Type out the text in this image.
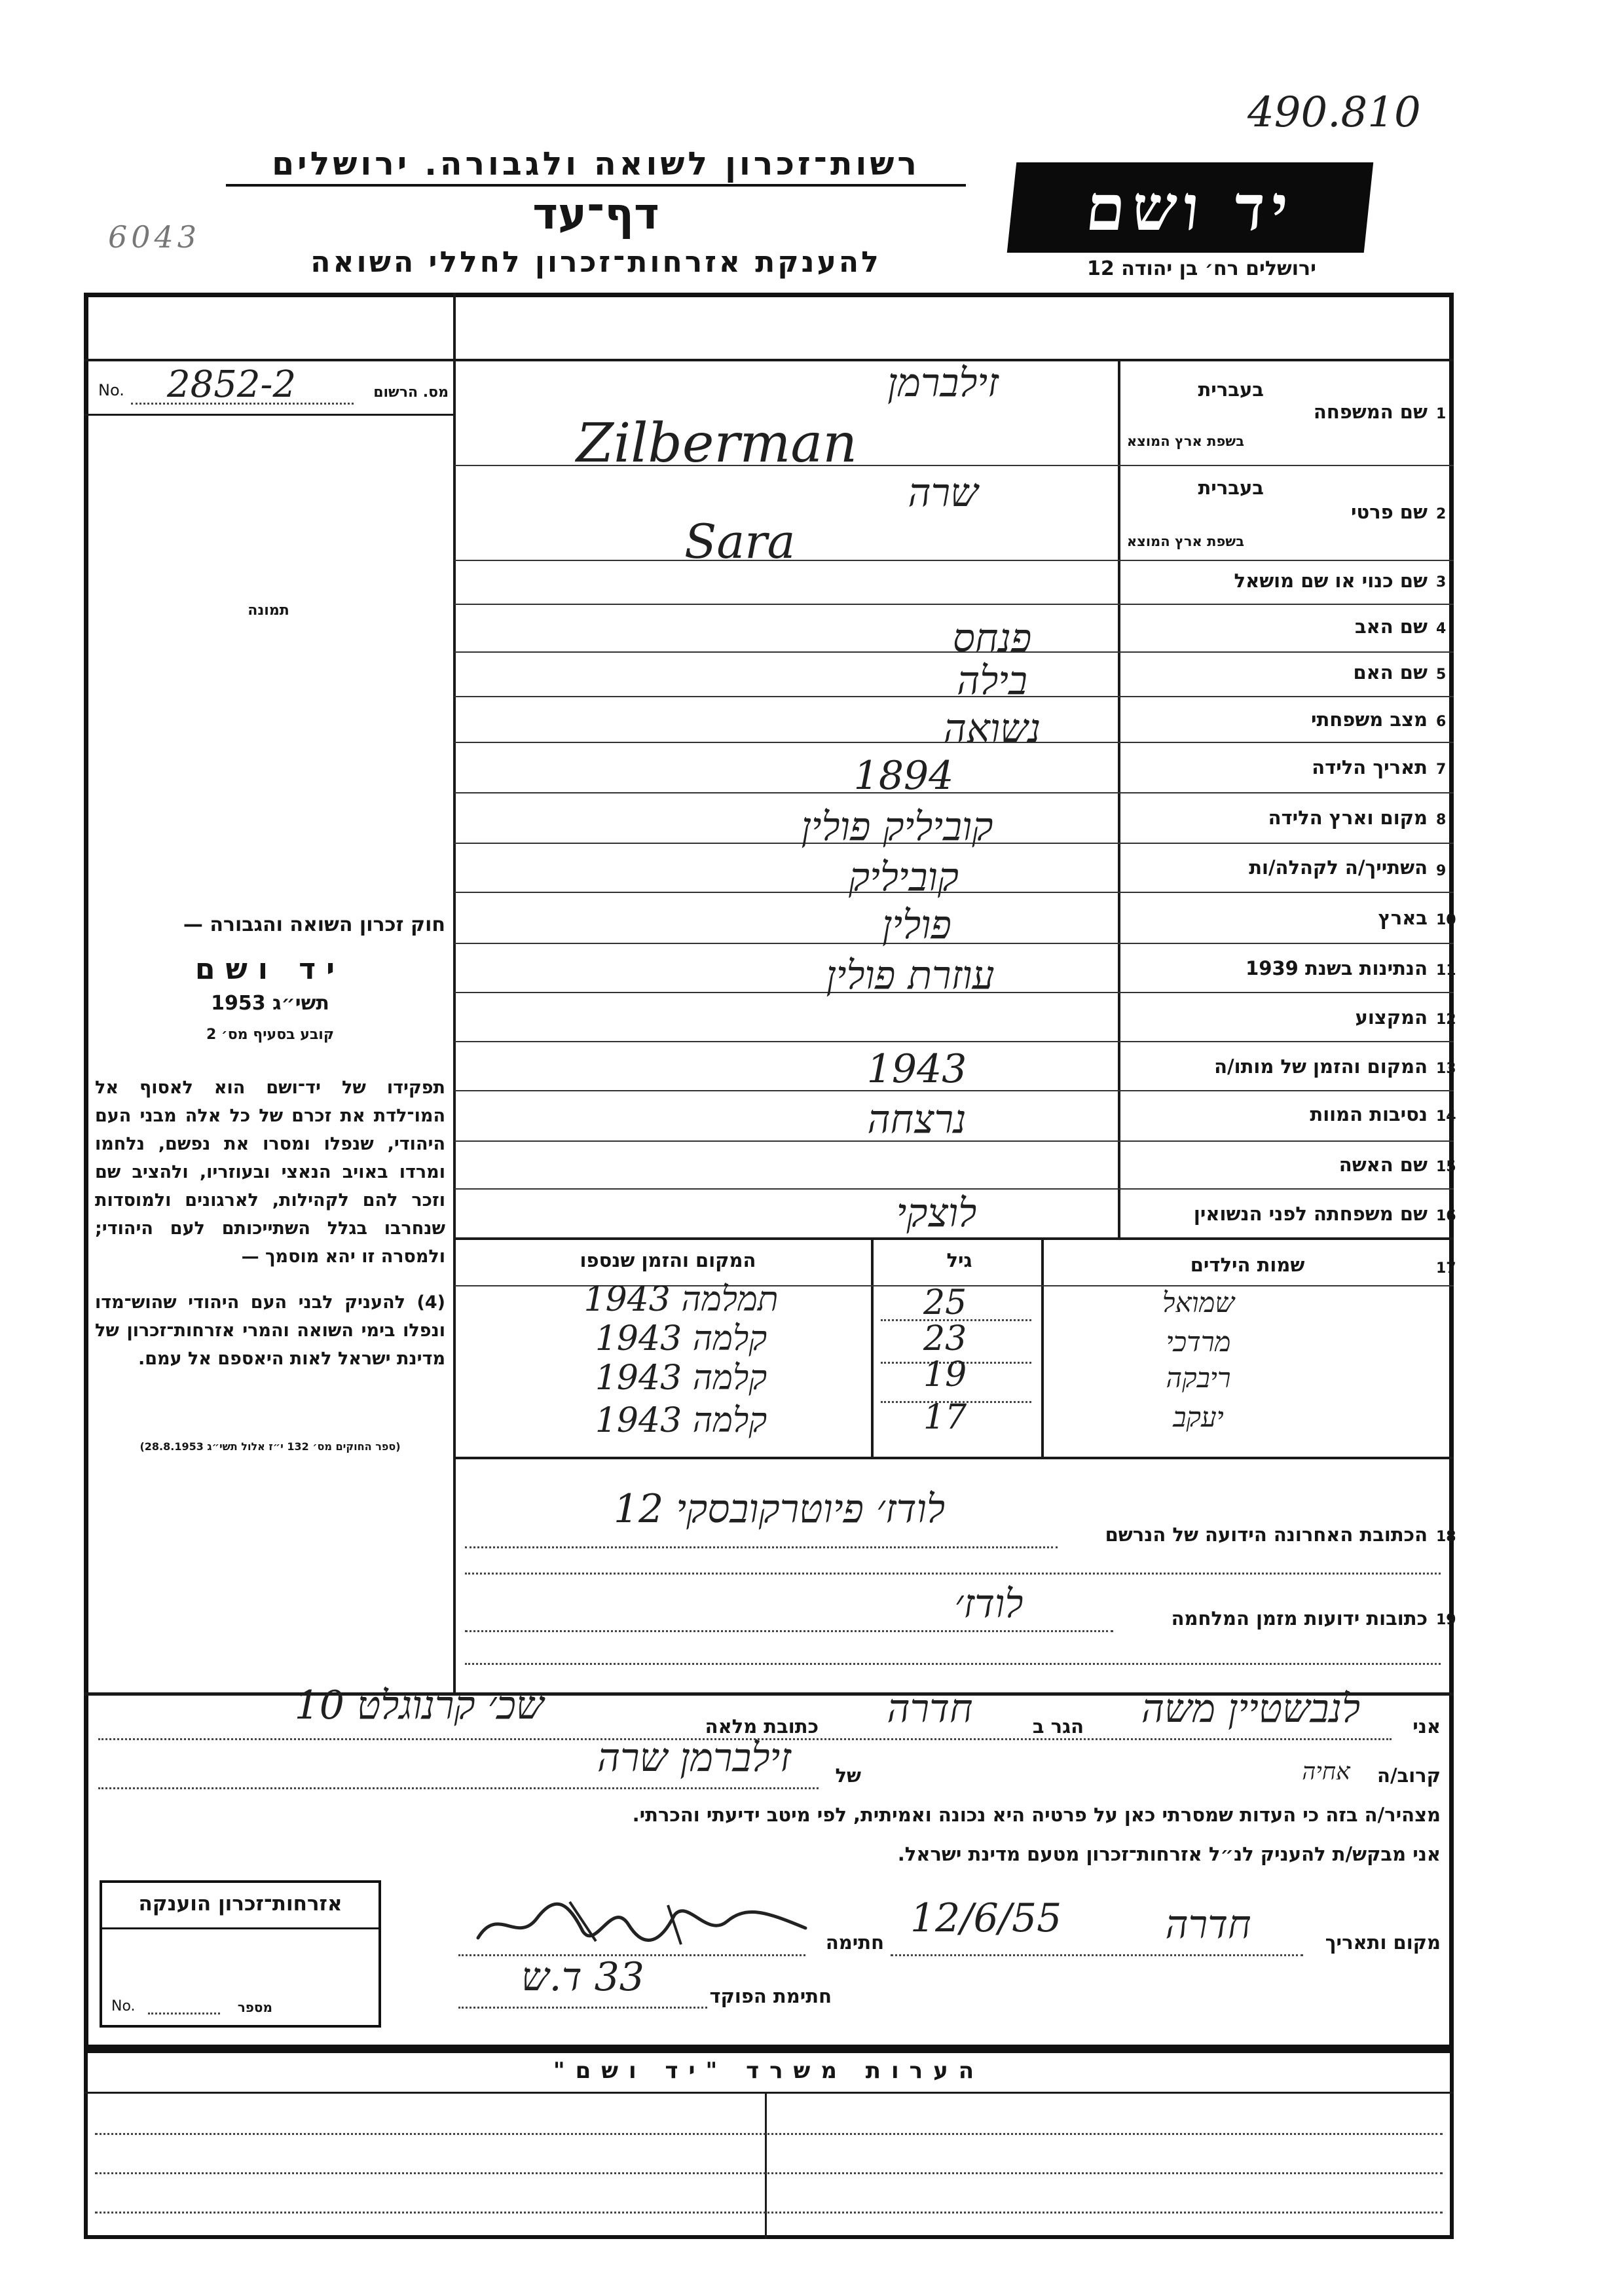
490.810
6043
רשות־זכרון לשואה ולגבורה. ירושלים
דף־עד
להענקת אזרחות־זכרון לחללי השואה
יד ושם
ירושלים רח׳ בן יהודה 12
No. 2852-2	מס. הרשום
תמונה
1
שם המשפחה
בעברית
בשפת ארץ המוצא
זילברמן
Zilberman
2
שם פרטי
בעברית
בשפת ארץ המוצא
שרה
Sara
3
שם כנוי או שם מושאל
4
שם האב
פנחס
5
שם האם
בילה
6
מצב משפחתי
נשואה
7
תאריך הלידה
1894
8
מקום וארץ הלידה
קוביליק פולין
9
השתייך/ה לקהלה/ות
קוביליק
10
בארץ
פולין
11
הנתינות בשנת 1939
עוזרת פולין
12
המקצוע
13
המקום והזמן של מותו/ה
1943
14
נסיבות המוות
נרצחה
15
שם האשה
16
שם משפחתה לפני הנשואין
לוצקי
חוק זכרון השואה והגבורה —
יד ושם
תשי״ג 1953
קובע בסעיף מס׳ 2
תפקידו של יד־ושם הוא לאסוף אל המו־לדת את זכרם של כל אלה מבני העם היהודי, שנפלו ומסרו את נפשם, נלחמו ומרדו באויב הנאצי ובעוזריו, ולהציב שם וזכר להם לקהילות, לארגונים ולמוסדות שנחרבו בגלל השתייכותם לעם היהודי; ולמסרה זו יהא מוסמך —
(4) להעניק לבני העם היהודי שהוש־מדו ונפלו בימי השואה והמרי אזרחות־זכרון של מדינת ישראל לאות היאספם אל עמם.
(ספר החוקים מס׳ 132 י״ז אלול תשי״ג 28.8.1953)
17
שמות הילדים
גיל
המקום והזמן שנספו
שמואל
25
תמלמה 1943
מרדכי
23
קלמה 1943
ריבקה
19
קלמה 1943
יעקב
17
קלמה 1943
18
הכתובת האחרונה הידועה של הנרשם
לודז׳ פיוטרקובסקי 12
19
כתובות ידועות מזמן המלחמה
לודז׳
אני
לנבשטיין משה
הגר ב
חדרה
כתובת מלאה
שכ׳ קרנוגלט 10
קרוב/ה
אחיה
של
זילברמן שרה
מצהיר/ה בזה כי העדות שמסרתי כאן על פרטיה היא נכונה ואמיתית, לפי מיטב ידיעתי והכרתי.
אני מבקש/ת להעניק לנ״ל אזרחות־זכרון מטעם מדינת ישראל.
אזרחות־זכרון הוענקה
No.	מספר
מקום ותאריך
חדרה
12/6/55
חתימה
חתימת הפוקד
33 ד.ש
הערות משרד "יד ושם"
